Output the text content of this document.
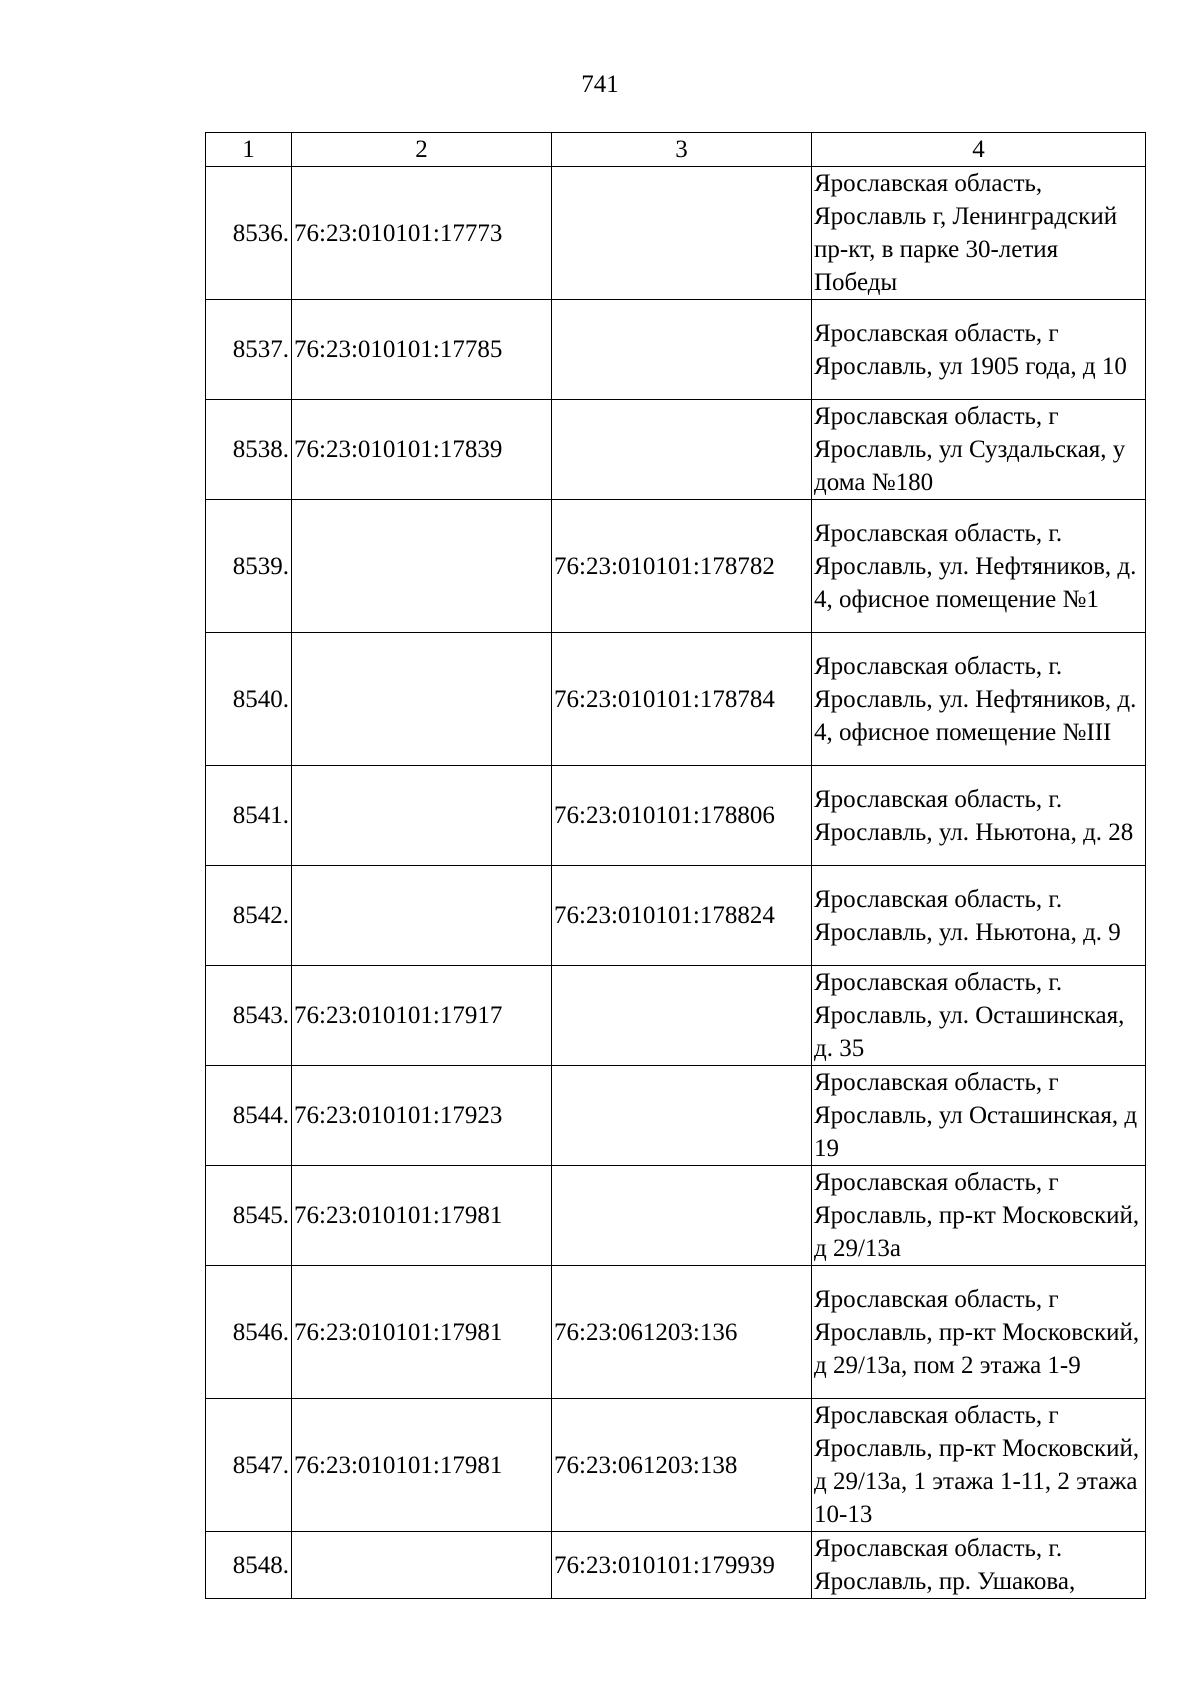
741
1	2	3	4
8536.	76:23:010101:17773		Ярославская область, Ярославль г, Ленинградский пр-кт, в парке 30-летия Победы
8537.	76:23:010101:17785		Ярославская область, г Ярославль, ул 1905 года, д 10
8538.	76:23:010101:17839		Ярославская область, г Ярославль, ул Суздальская, у дома №180
8539.		76:23:010101:178782	Ярославская область, г. Ярославль, ул. Нефтяников, д. 4, офисное помещение №1
8540.		76:23:010101:178784	Ярославская область, г. Ярославль, ул. Нефтяников, д. 4, офисное помещение №III
8541.		76:23:010101:178806	Ярославская область, г. Ярославль, ул. Ньютона, д. 28
8542.		76:23:010101:178824	Ярославская область, г. Ярославль, ул. Ньютона, д. 9
8543.	76:23:010101:17917		Ярославская область, г. Ярославль, ул. Осташинская, д. 35
8544.	76:23:010101:17923		Ярославская область, г Ярославль, ул Осташинская, д 19
8545.	76:23:010101:17981		Ярославская область, г Ярославль, пр-кт Московский, д 29/13а
8546.	76:23:010101:17981	76:23:061203:136	Ярославская область, г Ярославль, пр-кт Московский, д 29/13а, пом 2 этажа 1-9
8547.	76:23:010101:17981	76:23:061203:138	Ярославская область, г Ярославль, пр-кт Московский, д 29/13а, 1 этажа 1-11, 2 этажа 10-13
8548.		76:23:010101:179939	Ярославская область, г. Ярославль, пр. Ушакова,
